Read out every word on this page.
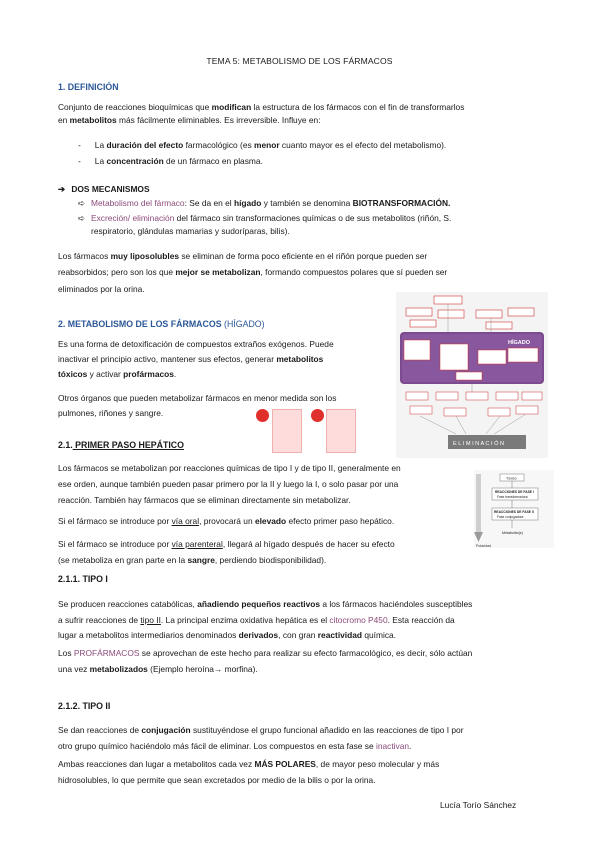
TEMA 5: METABOLISMO DE LOS FÁRMACOS
1. DEFINICIÓN
Conjunto de reacciones bioquímicas que modifican la estructura de los fármacos con el fin de transformarlos
en metabolitos más fácilmente eliminables. Es irreversible. Influye en:
- La duración del efecto farmacológico (es menor cuanto mayor es el efecto del metabolismo).
- La concentración de un fármaco en plasma.
➔ DOS MECANISMOS
➪ Metabolismo del fármaco: Se da en el hígado y también se denomina BIOTRANSFORMACIÓN.
➪ Excreción/ eliminación del fármaco sin transformaciones químicas o de sus metabolitos (riñón, S.
respiratorio, glándulas mamarias y sudoríparas, bilis).
Los fármacos muy liposolubles se eliminan de forma poco eficiente en el riñón porque pueden ser
reabsorbidos; pero son los que mejor se metabolizan, formando compuestos polares que sí pueden ser
eliminados por la orina.
2. METABOLISMO DE LOS FÁRMACOS (HÍGADO)
Es una forma de detoxificación de compuestos extraños exógenos. Puede
inactivar el principio activo, mantener sus efectos, generar metabolitos
tóxicos y activar profármacos.
Otros órganos que pueden metabolizar fármacos en menor medida son los
pulmones, riñones y sangre.
HÍGADO
E L I M I N A C I Ó N
2.1. PRIMER PASO HEPÁTICO
Los fármacos se metabolizan por reacciones químicas de tipo I y de tipo II, generalmente en
ese orden, aunque también pueden pasar primero por la II y luego la I, o solo pasar por una
reacción. También hay fármacos que se eliminan directamente sin metabolizar.
Si el fármaco se introduce por vía oral, provocará un elevado efecto primer paso hepático.
Si el fármaco se introduce por vía parenteral, llegará al hígado después de hacer su efecto
(se metaboliza en gran parte en la sangre, perdiendo biodisponibilidad).
Polaridad
Tóxico
REACCIONES DE FASE I
Fase transformadora
REACCIONES DE FASE II
Fase conjugadora
Metabolito(s)
2.1.1. TIPO I
Se producen reacciones catabólicas, añadiendo pequeños reactivos a los fármacos haciéndoles susceptibles
a sufrir reacciones de tipo II. La principal enzima oxidativa hepática es el citocromo P450. Esta reacción da
lugar a metabolitos intermediarios denominados derivados, con gran reactividad química.
Los PROFÁRMACOS se aprovechan de este hecho para realizar su efecto farmacológico, es decir, sólo actúan
una vez metabolizados (Ejemplo heroína→ morfina).
2.1.2. TIPO II
Se dan reacciones de conjugación sustituyéndose el grupo funcional añadido en las reacciones de tipo I por
otro grupo químico haciéndolo más fácil de eliminar. Los compuestos en esta fase se inactivan.
Ambas reacciones dan lugar a metabolitos cada vez MÁS POLARES, de mayor peso molecular y más
hidrosolubles, lo que permite que sean excretados por medio de la bilis o por la orina.
Lucía Torío Sánchez
